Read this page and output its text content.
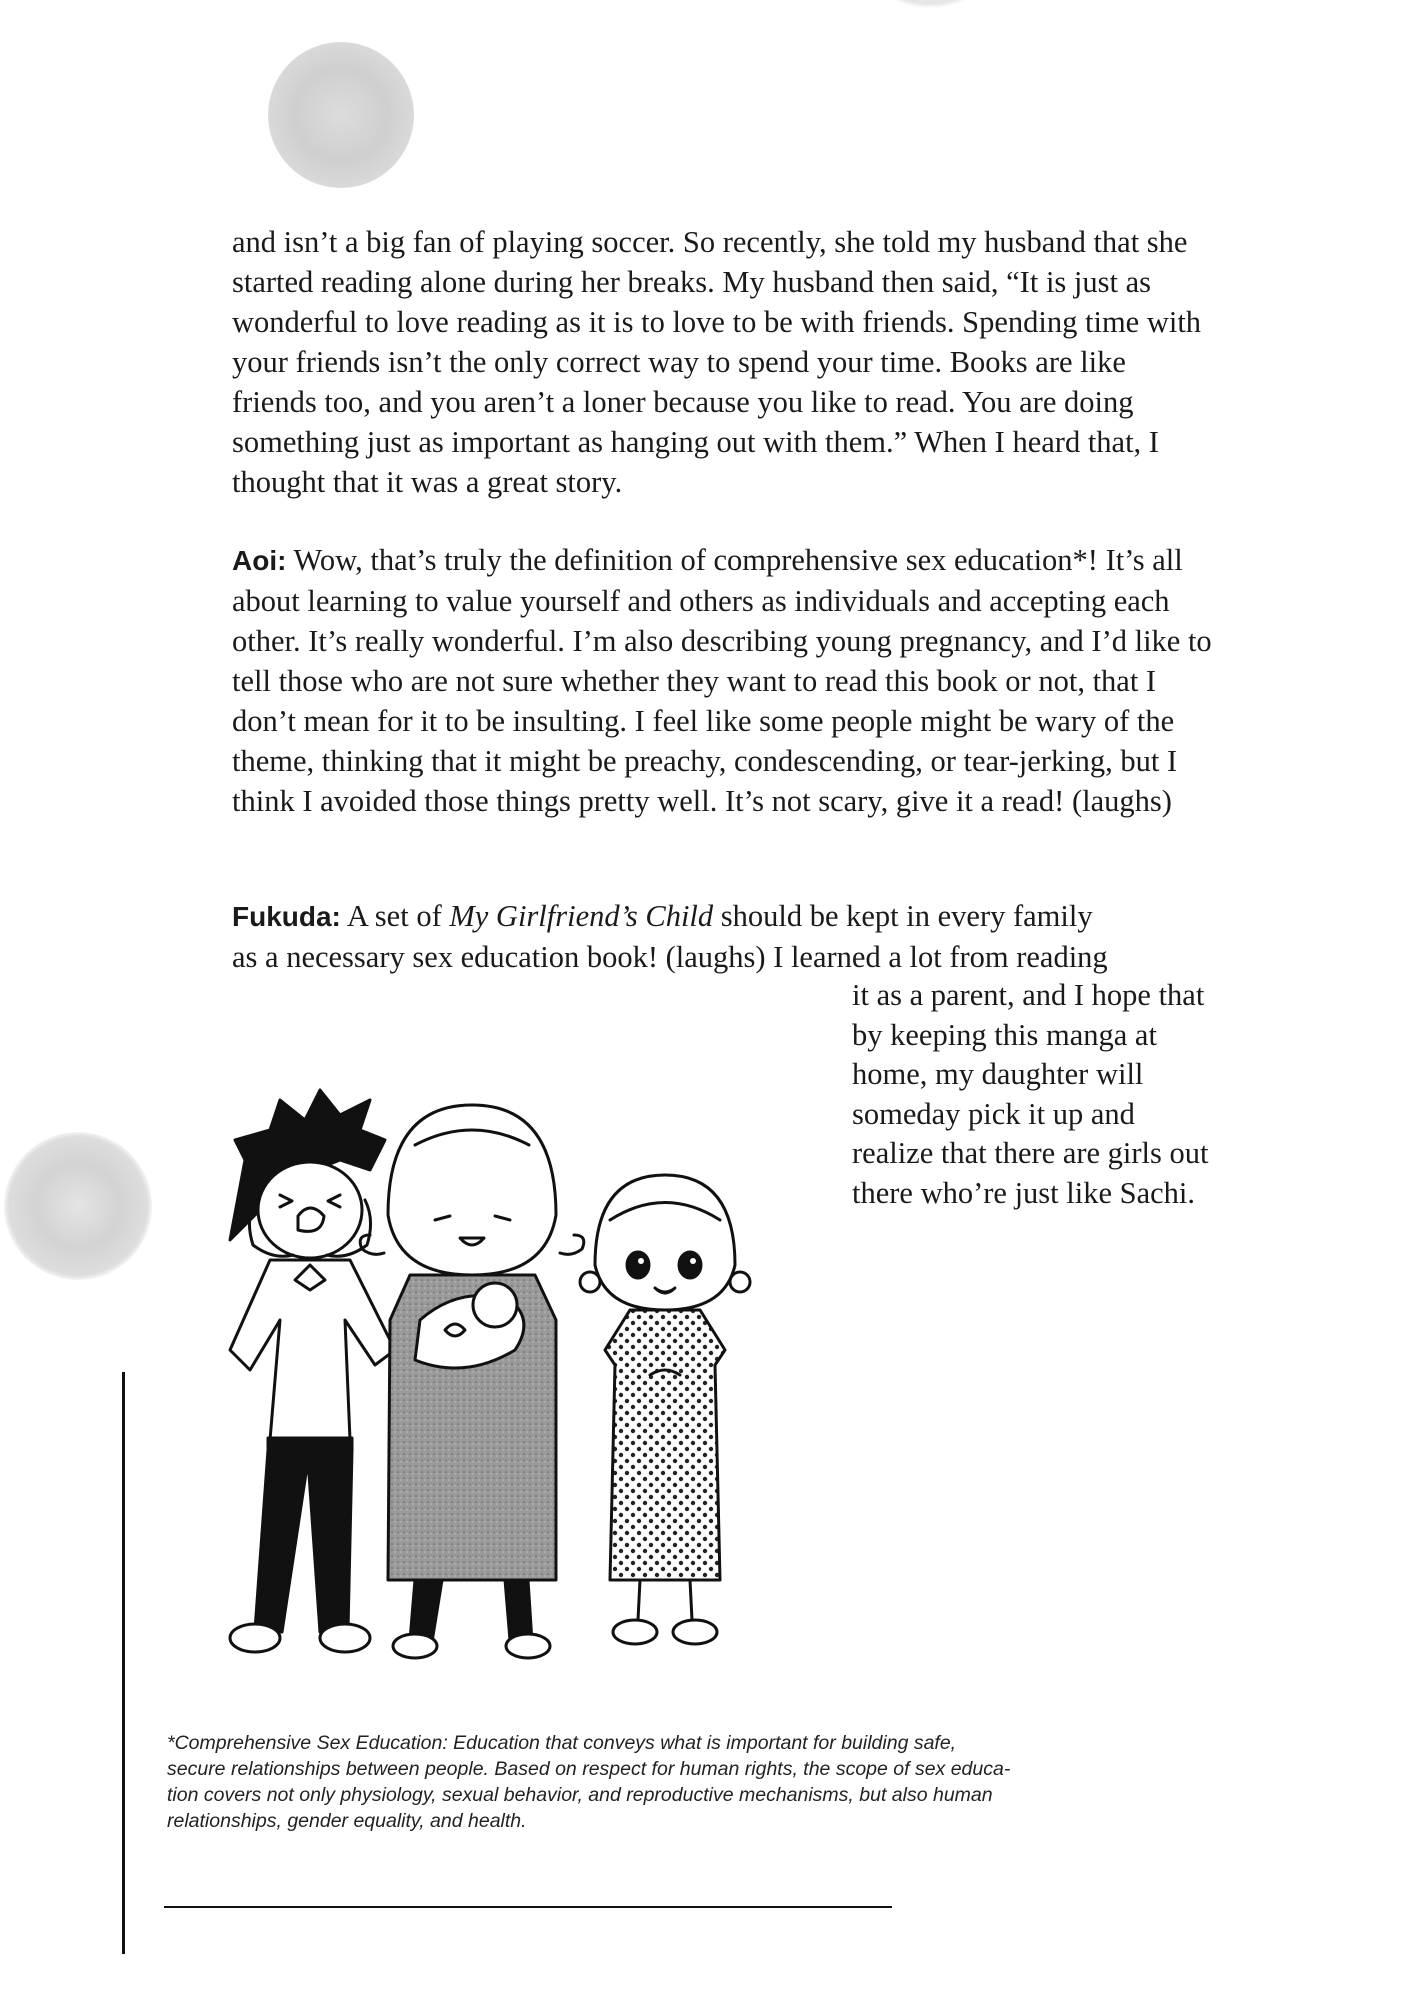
and isn’t a big fan of playing soccer. So recently, she told my husband that she started reading alone during her breaks. My husband then said, “It is just as wonderful to love reading as it is to love to be with friends. Spending time with your friends isn’t the only correct way to spend your time. Books are like friends too, and you aren’t a loner because you like to read. You are doing something just as important as hanging out with them.” When I heard that, I thought that it was a great story.

Aoi: Wow, that’s truly the definition of comprehensive sex education*! It’s all about learning to value yourself and others as individuals and accepting each other. It’s really wonderful. I’m also describing young pregnancy, and I’d like to tell those who are not sure whether they want to read this book or not, that I don’t mean for it to be insulting. I feel like some people might be wary of the theme, thinking that it might be preachy, condescending, or tear-jerking, but I think I avoided those things pretty well. It’s not scary, give it a read! (laughs)

Fukuda: A set of My Girlfriend’s Child should be kept in every family
as a necessary sex education book! (laughs) I learned a lot from reading

it as a parent, and I hope that by keeping this manga at home, my daughter will someday pick it up and realize that there are girls out there who’re just like Sachi.

*Comprehensive Sex Education: Education that conveys what is important for building safe,
secure relationships between people. Based on respect for human rights, the scope of sex educa-
tion covers not only physiology, sexual behavior, and reproductive mechanisms, but also human
relationships, gender equality, and health.
